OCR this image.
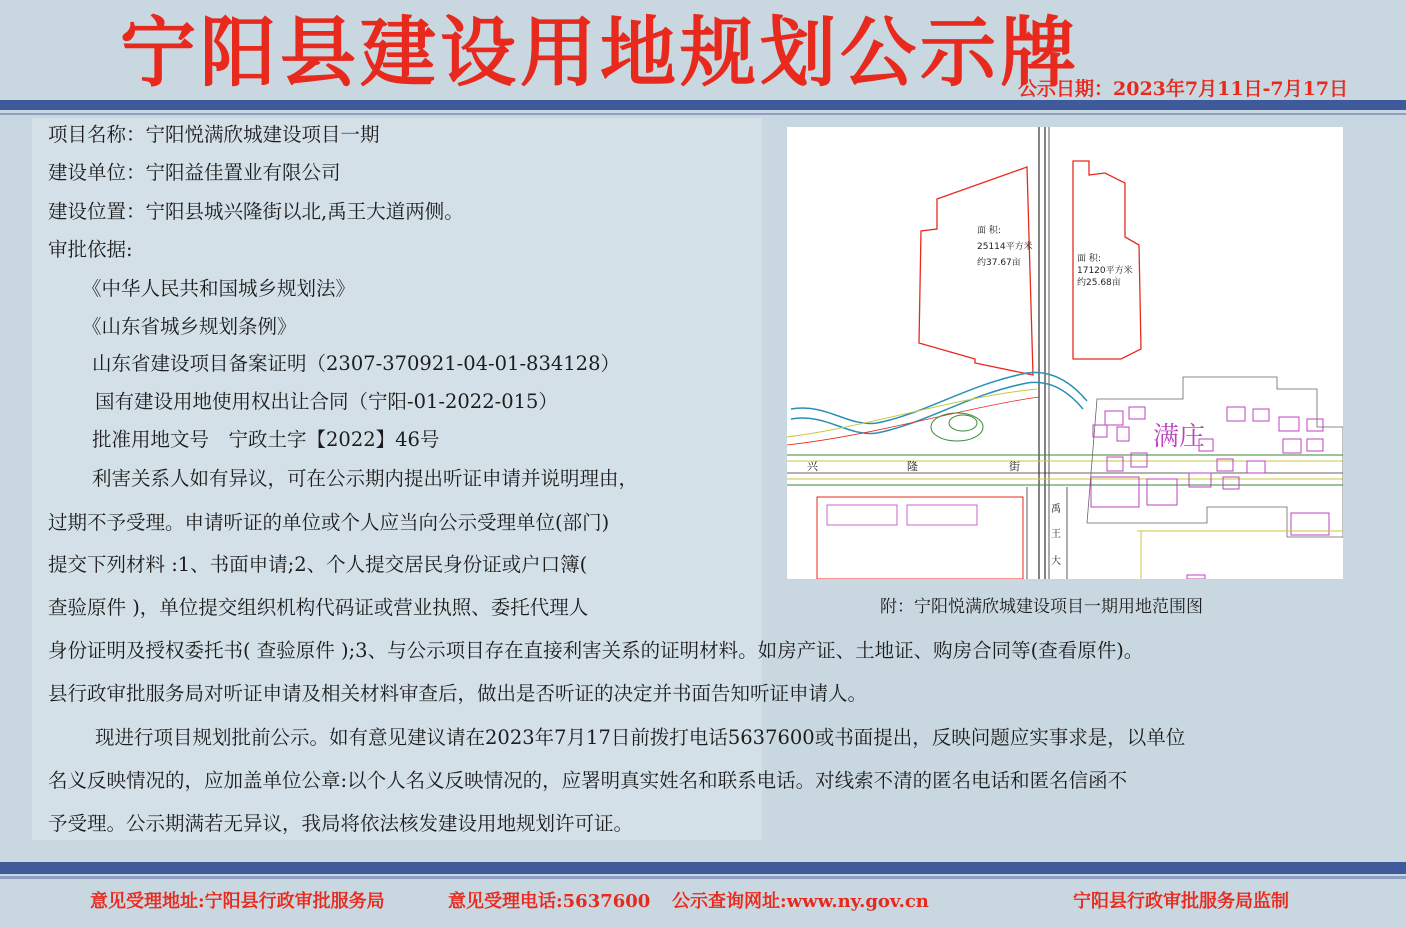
宁阳县建设用地规划公示牌
公示日期：2023年7月11日-7月17日
项目名称：宁阳悦满欣城建设项目一期
建设单位：宁阳益佳置业有限公司
建设位置：宁阳县城兴隆街以北,禹王大道两侧。
审批依据:
《中华人民共和国城乡规划法》
《山东省城乡规划条例》
山东省建设项目备案证明（2307-370921-04-01-834128）
国有建设用地使用权出让合同（宁阳-01-2022-015）
批准用地文号　宁政土字【2022】46号
利害关系人如有异议，可在公示期内提出听证申请并说明理由，
过期不予受理。申请听证的单位或个人应当向公示受理单位(部门)
提交下列材料 :1、书面申请;2、个人提交居民身份证或户口簿(
查验原件 )，单位提交组织机构代码证或营业执照、委托代理人
身份证明及授权委托书( 查验原件 );3、与公示项目存在直接利害关系的证明材料。如房产证、土地证、购房合同等(查看原件)。
县行政审批服务局对听证申请及相关材料审查后，做出是否听证的决定并书面告知听证申请人。
现进行项目规划批前公示。如有意见建议请在2023年7月17日前拨打电话5637600或书面提出，反映问题应实事求是，以单位
名义反映情况的，应加盖单位公章:以个人名义反映情况的，应署明真实姓名和联系电话。对线索不清的匿名电话和匿名信函不
予受理。公示期满若无异议，我局将依法核发建设用地规划许可证。
面 积:
25114平方米
约37.67亩	面 积:
17120平方米
约25.68亩
满庄
兴	隆	街
禹
王
大
附：宁阳悦满欣城建设项目一期用地范围图
意见受理地址:宁阳县行政审批服务局	意见受理电话:5637600 公示查询网址:www.ny.gov.cn	宁阳县行政审批服务局监制
